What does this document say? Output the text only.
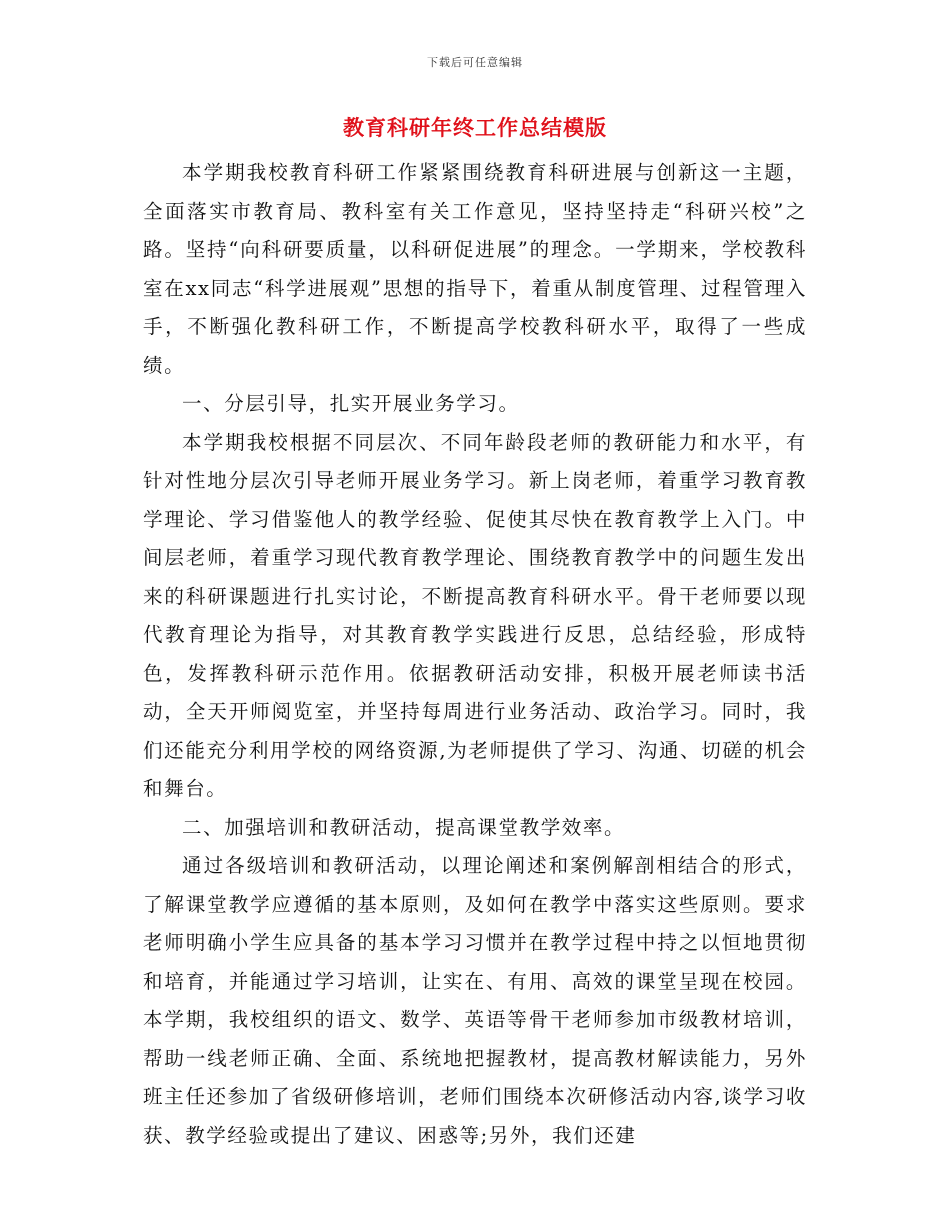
下载后可任意编辑
教育科研年终工作总结模版

本学期我校教育科研工作紧紧围绕教育科研进展与创新这一主题，全面落实市教育局、教科室有关工作意见，坚持坚持走“科研兴校”之路。坚持“向科研要质量，以科研促进展”的理念。一学期来，学校教科室在xx同志“科学进展观”思想的指导下，着重从制度管理、过程管理入手，不断强化教科研工作，不断提高学校教科研水平，取得了一些成绩。

一、分层引导，扎实开展业务学习。

本学期我校根据不同层次、不同年龄段老师的教研能力和水平，有针对性地分层次引导老师开展业务学习。新上岗老师，着重学习教育教学理论、学习借鉴他人的教学经验、促使其尽快在教育教学上入门。中间层老师，着重学习现代教育教学理论、围绕教育教学中的问题生发出来的科研课题进行扎实讨论，不断提高教育科研水平。骨干老师要以现代教育理论为指导，对其教育教学实践进行反思，总结经验，形成特色，发挥教科研示范作用。依据教研活动安排，积极开展老师读书活动，全天开师阅览室，并坚持每周进行业务活动、政治学习。同时，我们还能充分利用学校的网络资源,为老师提供了学习、沟通、切磋的机会和舞台。

二、加强培训和教研活动，提高课堂教学效率。

通过各级培训和教研活动，以理论阐述和案例解剖相结合的形式，了解课堂教学应遵循的基本原则，及如何在教学中落实这些原则。要求老师明确小学生应具备的基本学习习惯并在教学过程中持之以恒地贯彻和培育，并能通过学习培训，让实在、有用、高效的课堂呈现在校园。本学期，我校组织的语文、数学、英语等骨干老师参加市级教材培训，帮助一线老师正确、全面、系统地把握教材，提高教材解读能力，另外班主任还参加了省级研修培训，老师们围绕本次研修活动内容,谈学习收获、教学经验或提出了建议、困惑等;另外，我们还建
